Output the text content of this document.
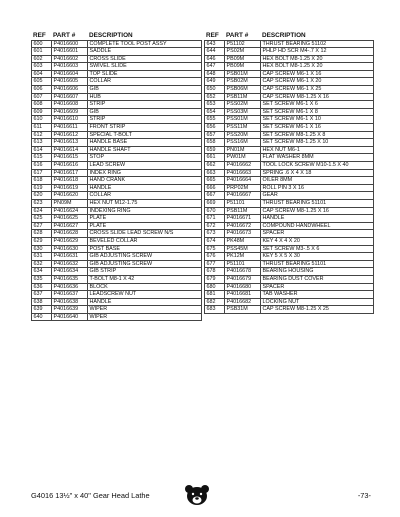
REF	PART #	DESCRIPTION
600	P4016600	COMPLETE TOOL POST ASSY
601	P4016601	SADDLE
602	P4016602	CROSS SLIDE
603	P4016603	SWIVEL SLIDE
604	P4016604	TOP SLIDE
605	P4016605	COLLAR
606	P4016606	GIB
607	P4016607	HUB
608	P4016608	STRIP
609	P4016609	GIB
610	P4016610	STRIP
611	P4016611	FRONT STRIP
612	P4016612	SPECIAL T-BOLT
613	P4016613	HANDLE BASE
614	P4016614	HANDLE SHAFT
615	P4016615	STOP
616	P4016616	LEAD SCREW
617	P4016617	INDEX RING
618	P4016618	HAND CRANK
619	P4016619	HANDLE
620	P4016620	COLLAR
623	PN09M	HEX NUT M12-1.75
624	P4016624	INDEXING RING
625	P4016625	PLATE
627	P4016627	PLATE
628	P4016628	CROSS SLIDE LEAD SCREW N/S
629	P4016629	BEVELED COLLAR
630	P4016630	POST BASE
631	P4016631	GIB ADJUSTING SCREW
632	P4016632	GIB ADJUSTING SCREW
634	P4016634	GIB STRIP
635	P4016635	T-BOLT M8-1 X 42
636	P4016636	BLOCK
637	P4016637	LEADSCREW NUT
638	P4016638	HANDLE
639	P4016639	WIPER
640	P4016640	WIPER
REF	PART #	DESCRIPTION
643	P51102	THRUST BEARING 51102
644	PS02M	PHLP HD SCR M4-.7 X 12
646	PB09M	HEX BOLT M8-1.25 X 20
647	PB09M	HEX BOLT M8-1.25 X 20
648	PSB01M	CAP SCREW M6-1 X 16
649	PSB02M	CAP SCREW M6-1 X 20
650	PSB06M	CAP SCREW M6-1 X 25
652	PSB11M	CAP SCREW M8-1.25 X 16
653	PSS02M	SET SCREW M6-1 X 6
654	PSS03M	SET SCREW M6-1 X 8
655	PSS01M	SET SCREW M6-1 X 10
656	PSS11M	SET SCREW M6-1 X 16
657	PSS20M	SET SCREW M8-1.25 X 8
658	PSS16M	SET SCREW M8-1.25 X 10
659	PN01M	HEX NUT M6-1
661	PW01M	FLAT WASHER 8MM
662	P4016662	TOOL LOCK SCREW M10-1.5 X 40
663	P4016663	SPRING .6 X 4 X 18
665	P4016664	OILER 8MM
666	PRP02M	ROLL PIN 3 X 16
667	P4016667	GEAR
669	P51101	THRUST BEARING 51101
670	PSB11M	CAP SCREW M8-1.25 X 16
671	P4016671	HANDLE
672	P4016672	COMPOUND HANDWHEEL
673	P4016673	SPACER
674	PK48M	KEY 4 X 4 X 20
675	PSS45M	SET SCREW M3-.5 X 6
676	PK12M	KEY 5 X 5 X 30
677	P51101	THRUST BEARING 51101
678	P4016678	BEARING HOUSING
679	P4016679	BEARING DUST COVER
680	P4016680	SPACER
681	P4016681	TAB WASHER
682	P4016682	LOCKING NUT
683	PSB31M	CAP SCREW M8-1.25 X 25
G4016 13½" x 40" Gear Head Lathe	-73-
